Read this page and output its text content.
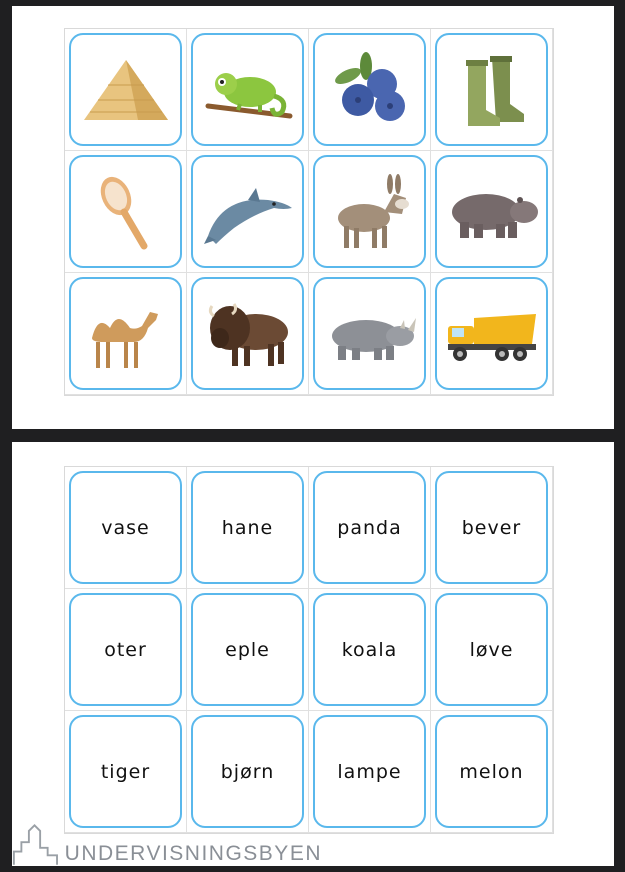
vase	hane	panda	bever
oter	eple	koala	løve
tiger	bjørn	lampe	melon
UNDERVISNINGSBYEN
